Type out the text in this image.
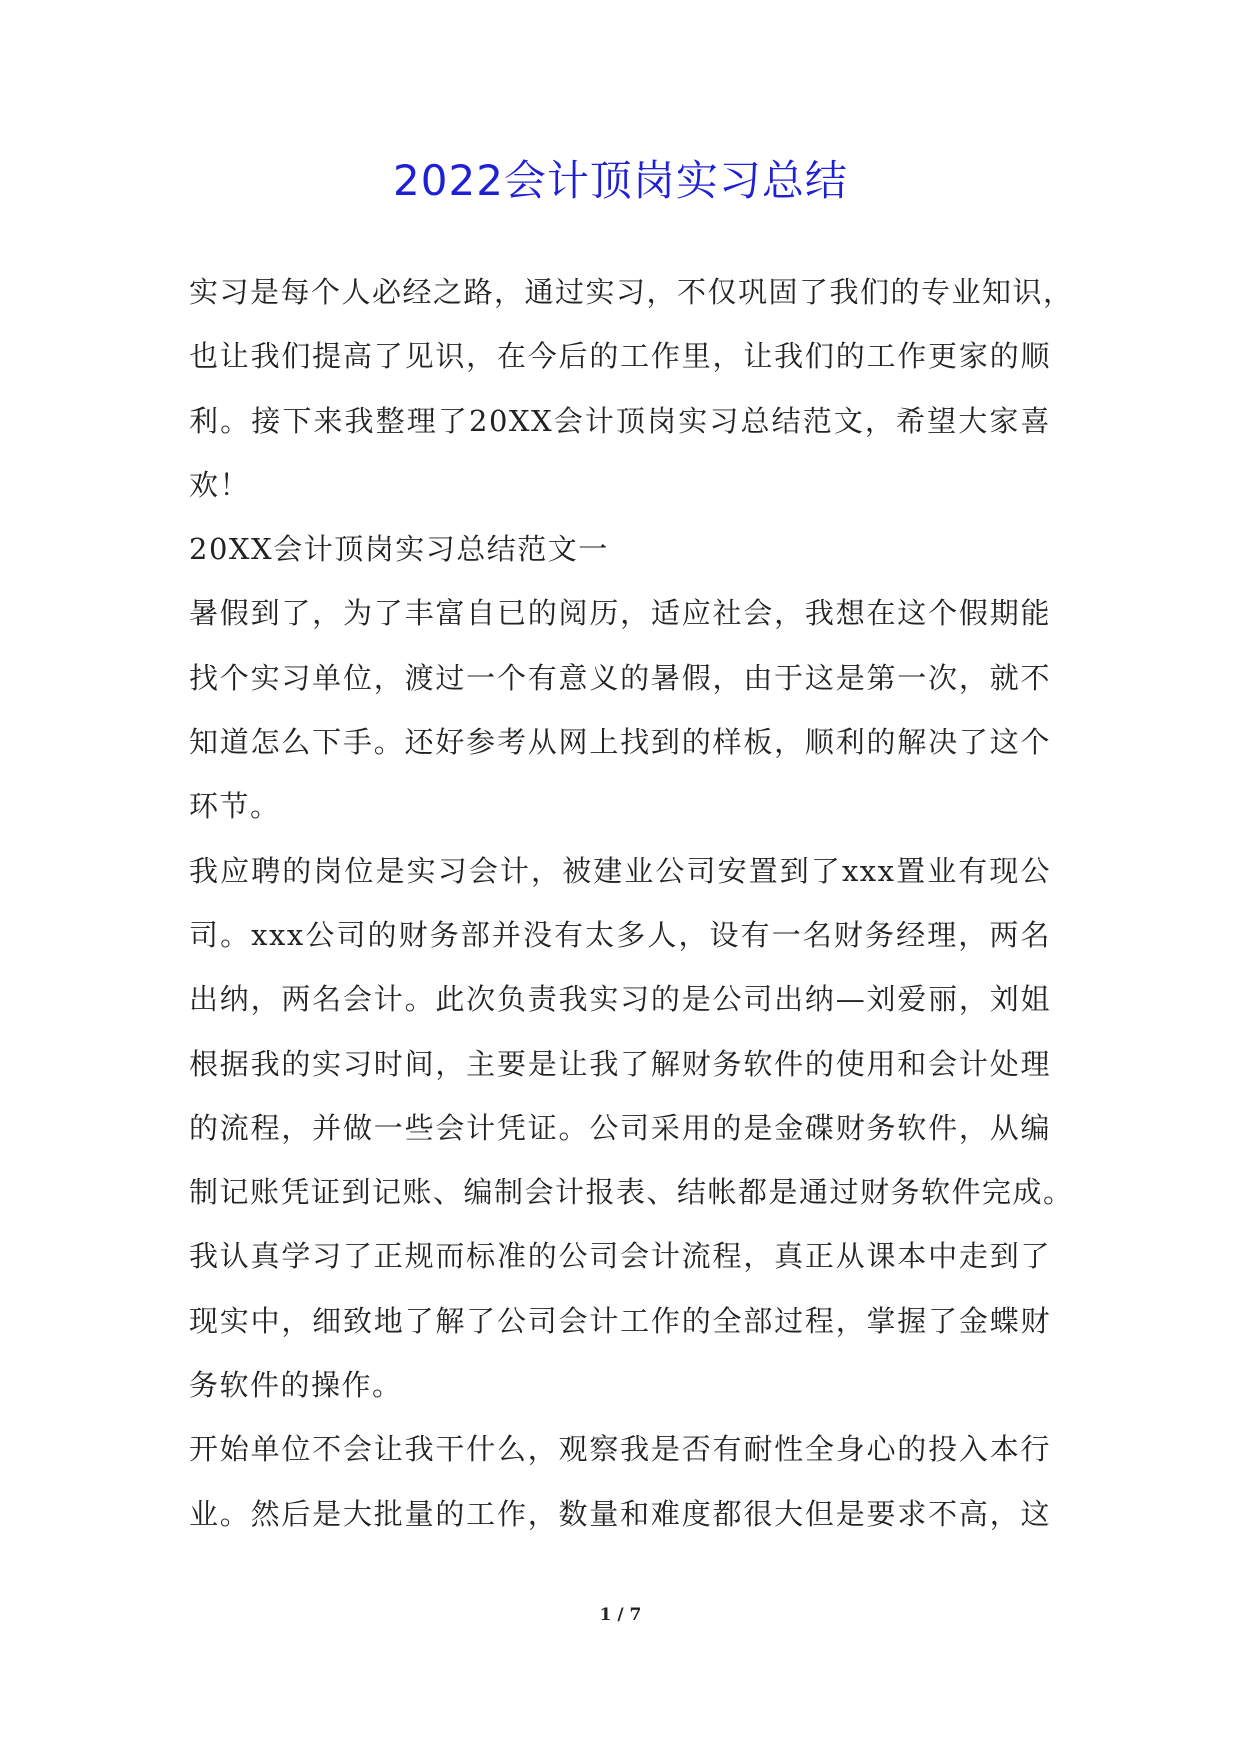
2022会计顶岗实习总结
实习是每个人必经之路，通过实习，不仅巩固了我们的专业知识，
也让我们提高了见识，在今后的工作里，让我们的工作更家的顺
利。接下来我整理了20XX会计顶岗实习总结范文，希望大家喜
欢！
20XX会计顶岗实习总结范文一
暑假到了，为了丰富自已的阅历，适应社会，我想在这个假期能
找个实习单位，渡过一个有意义的暑假，由于这是第一次，就不
知道怎么下手。还好参考从网上找到的样板，顺利的解决了这个
环节。
我应聘的岗位是实习会计，被建业公司安置到了xxx置业有现公
司。xxx公司的财务部并没有太多人，设有一名财务经理，两名
出纳，两名会计。此次负责我实习的是公司出纳—刘爱丽，刘姐
根据我的实习时间，主要是让我了解财务软件的使用和会计处理
的流程，并做一些会计凭证。公司采用的是金碟财务软件，从编
制记账凭证到记账、编制会计报表、结帐都是通过财务软件完成。
我认真学习了正规而标准的公司会计流程，真正从课本中走到了
现实中，细致地了解了公司会计工作的全部过程，掌握了金蝶财
务软件的操作。
开始单位不会让我干什么，观察我是否有耐性全身心的投入本行
业。然后是大批量的工作，数量和难度都很大但是要求不高，这
1 / 7
